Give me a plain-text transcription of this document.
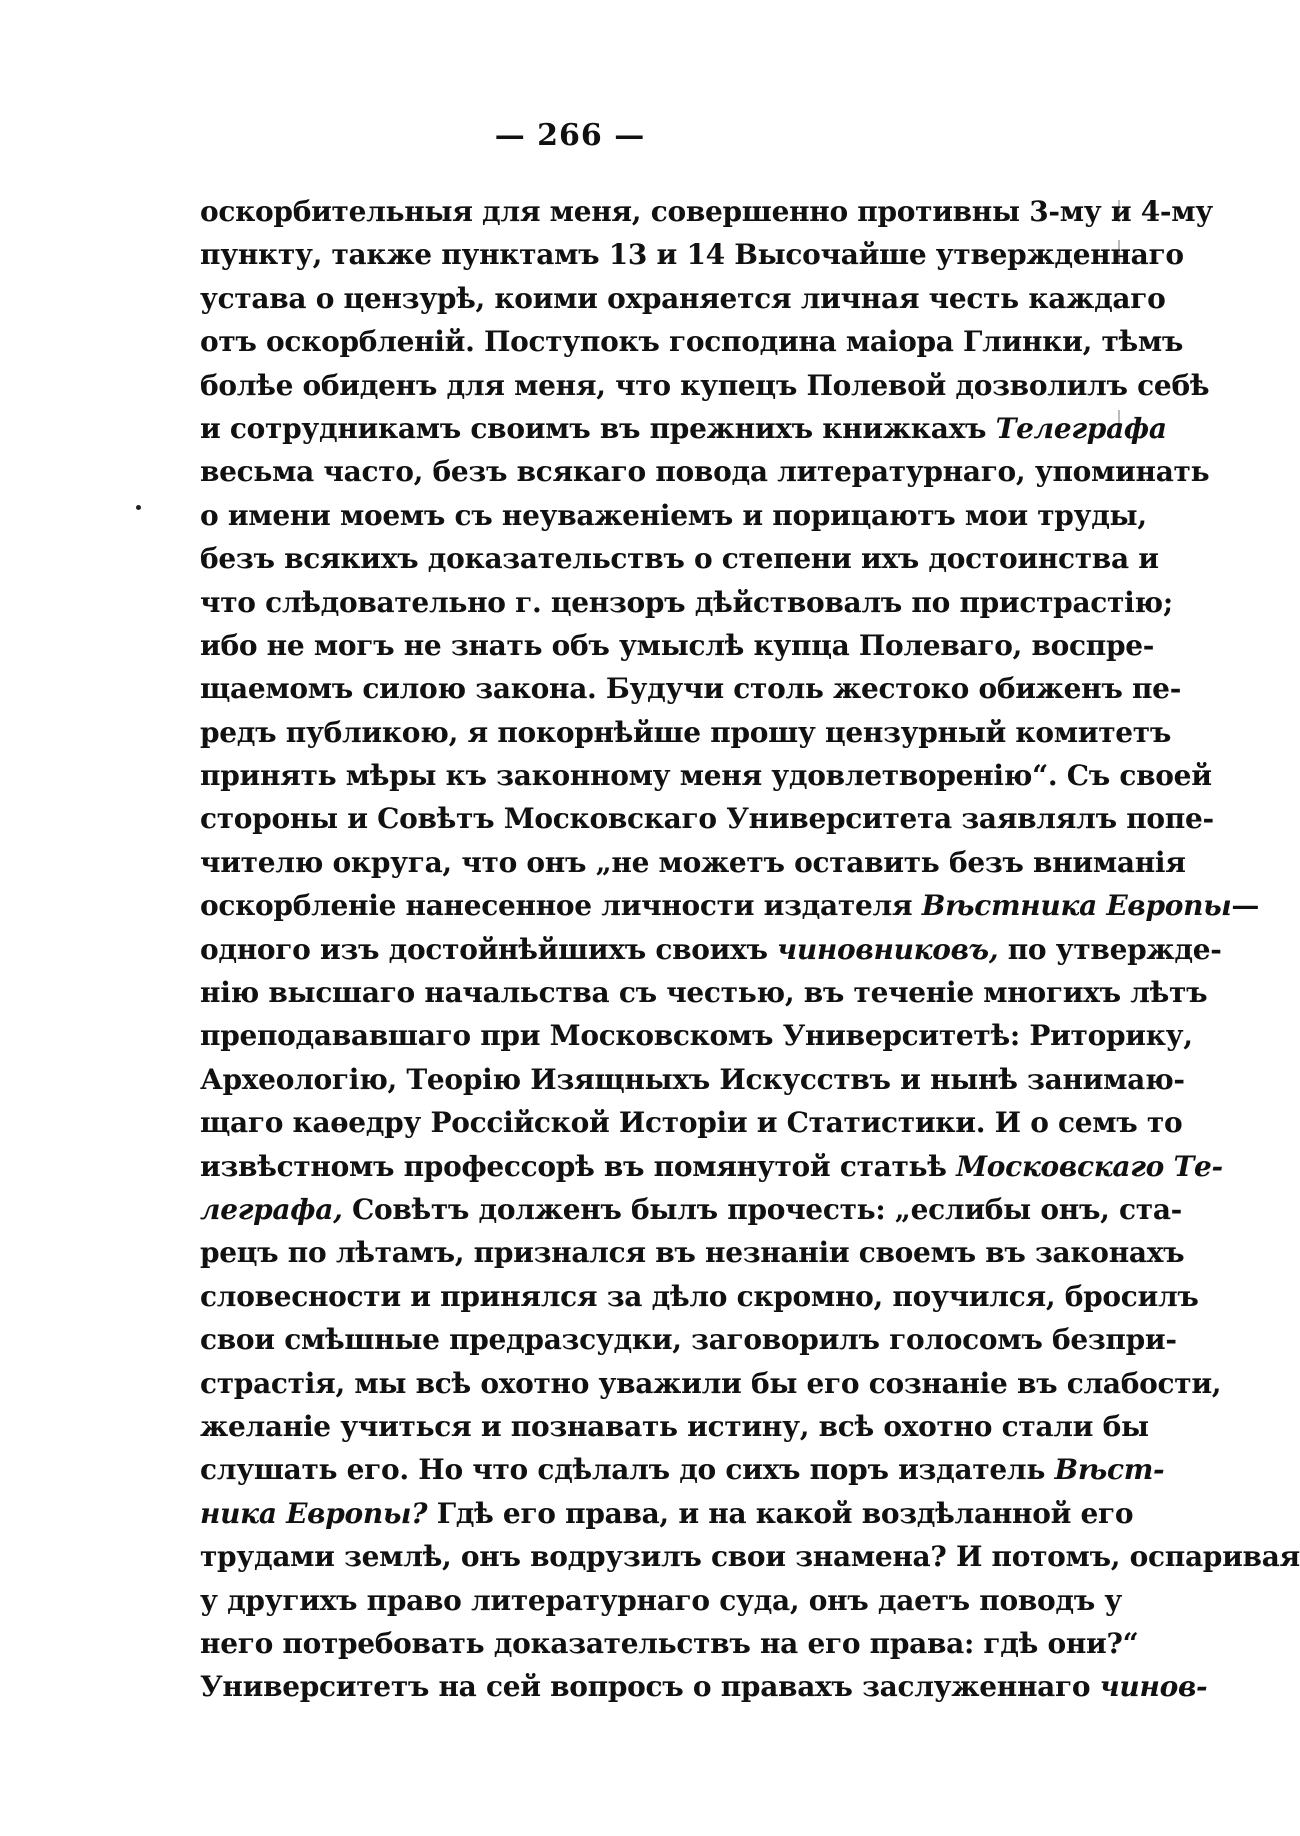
— 266 —
оскорбительныя для меня, совершенно противны 3-му и 4-му
пункту, также пунктамъ 13 и 14 Высочайше утвержденнаго
устава о цензурѣ, коими охраняется личная честь каждаго
отъ оскорбленій. Поступокъ господина маіора Глинки, тѣмъ
болѣе обиденъ для меня, что купецъ Полевой дозволилъ себѣ
и сотрудникамъ своимъ въ прежнихъ книжкахъ Телеграфа
весьма часто, безъ всякаго повода литературнаго, упоминать
о имени моемъ съ неуваженіемъ и порицаютъ мои труды,
безъ всякихъ доказательствъ о степени ихъ достоинства и
что слѣдовательно г. цензоръ дѣйствовалъ по пристрастію;
ибо не могъ не знать объ умыслѣ купца Полеваго, воспре-
щаемомъ силою закона. Будучи столь жестоко обиженъ пе-
редъ публикою, я покорнѣйше прошу цензурный комитетъ
принять мѣры къ законному меня удовлетворенію“. Съ своей
стороны и Совѣтъ Московскаго Университета заявлялъ попе-
чителю округа, что онъ „не можетъ оставить безъ вниманія
оскорбленіе нанесенное личности издателя Вѣстника Европы—
одного изъ достойнѣйшихъ своихъ чиновниковъ, по утвержде-
нію высшаго начальства съ честью, въ теченіе многихъ лѣтъ
преподававшаго при Московскомъ Университетѣ: Риторику,
Археологію, Теорію Изящныхъ Искусствъ и нынѣ занимаю-
щаго каѳедру Россійской Исторіи и Статистики. И о семъ то
извѣстномъ профессорѣ въ помянутой статьѣ Московскаго Те-
леграфа, Совѣтъ долженъ былъ прочесть: „еслибы онъ, ста-
рецъ по лѣтамъ, признался въ незнаніи своемъ въ законахъ
словесности и принялся за дѣло скромно, поучился, бросилъ
свои смѣшные предразсудки, заговорилъ голосомъ безпри-
страстія, мы всѣ охотно уважили бы его сознаніе въ слабости,
желаніе учиться и познавать истину, всѣ охотно стали бы
слушать его. Но что сдѣлалъ до сихъ поръ издатель Вѣст-
ника Европы? Гдѣ его права, и на какой воздѣланной его
трудами землѣ, онъ водрузилъ свои знамена? И потомъ, оспаривая
у другихъ право литературнаго суда, онъ даетъ поводъ у
него потребовать доказательствъ на его права: гдѣ они?“
Университетъ на сей вопросъ о правахъ заслуженнаго чинов-
